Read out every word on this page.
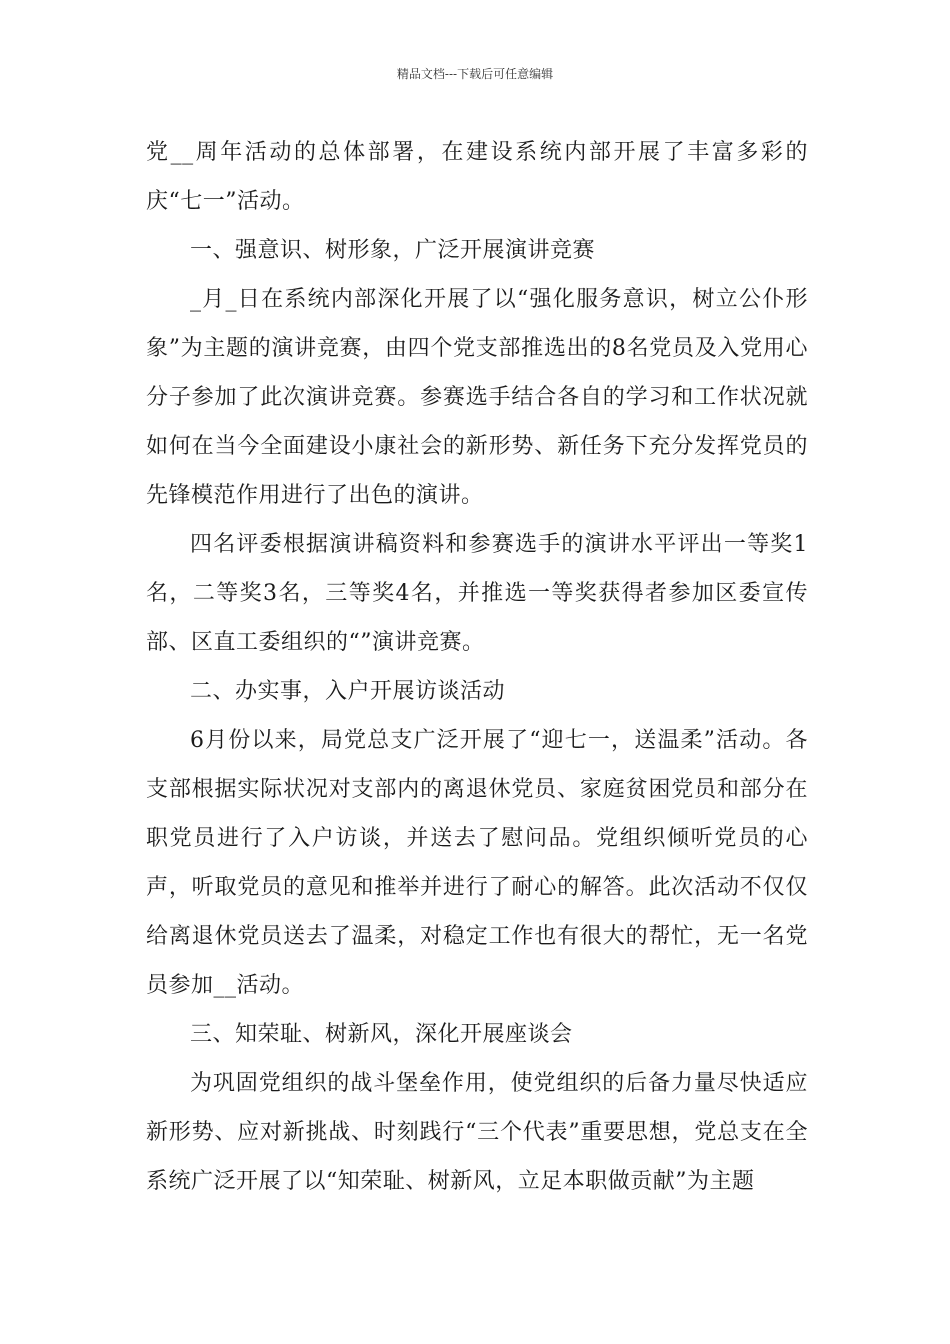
精品文档---下载后可任意编辑

党__周年活动的总体部署，在建设系统内部开展了丰富多彩的庆“七一”活动。

一、强意识、树形象，广泛开展演讲竞赛

_月_日在系统内部深化开展了以“强化服务意识，树立公仆形象”为主题的演讲竞赛，由四个党支部推选出的8名党员及入党用心分子参加了此次演讲竞赛。参赛选手结合各自的学习和工作状况就如何在当今全面建设小康社会的新形势、新任务下充分发挥党员的先锋模范作用进行了出色的演讲。

四名评委根据演讲稿资料和参赛选手的演讲水平评出一等奖1名，二等奖3名，三等奖4名，并推选一等奖获得者参加区委宣传部、区直工委组织的“”演讲竞赛。

二、办实事，入户开展访谈活动

6月份以来，局党总支广泛开展了“迎七一，送温柔”活动。各支部根据实际状况对支部内的离退休党员、家庭贫困党员和部分在职党员进行了入户访谈，并送去了慰问品。党组织倾听党员的心声，听取党员的意见和推举并进行了耐心的解答。此次活动不仅仅给离退休党员送去了温柔，对稳定工作也有很大的帮忙，无一名党员参加__活动。

三、知荣耻、树新风，深化开展座谈会

为巩固党组织的战斗堡垒作用，使党组织的后备力量尽快适应新形势、应对新挑战、时刻践行“三个代表”重要思想，党总支在全系统广泛开展了以“知荣耻、树新风，立足本职做贡献”为主题
